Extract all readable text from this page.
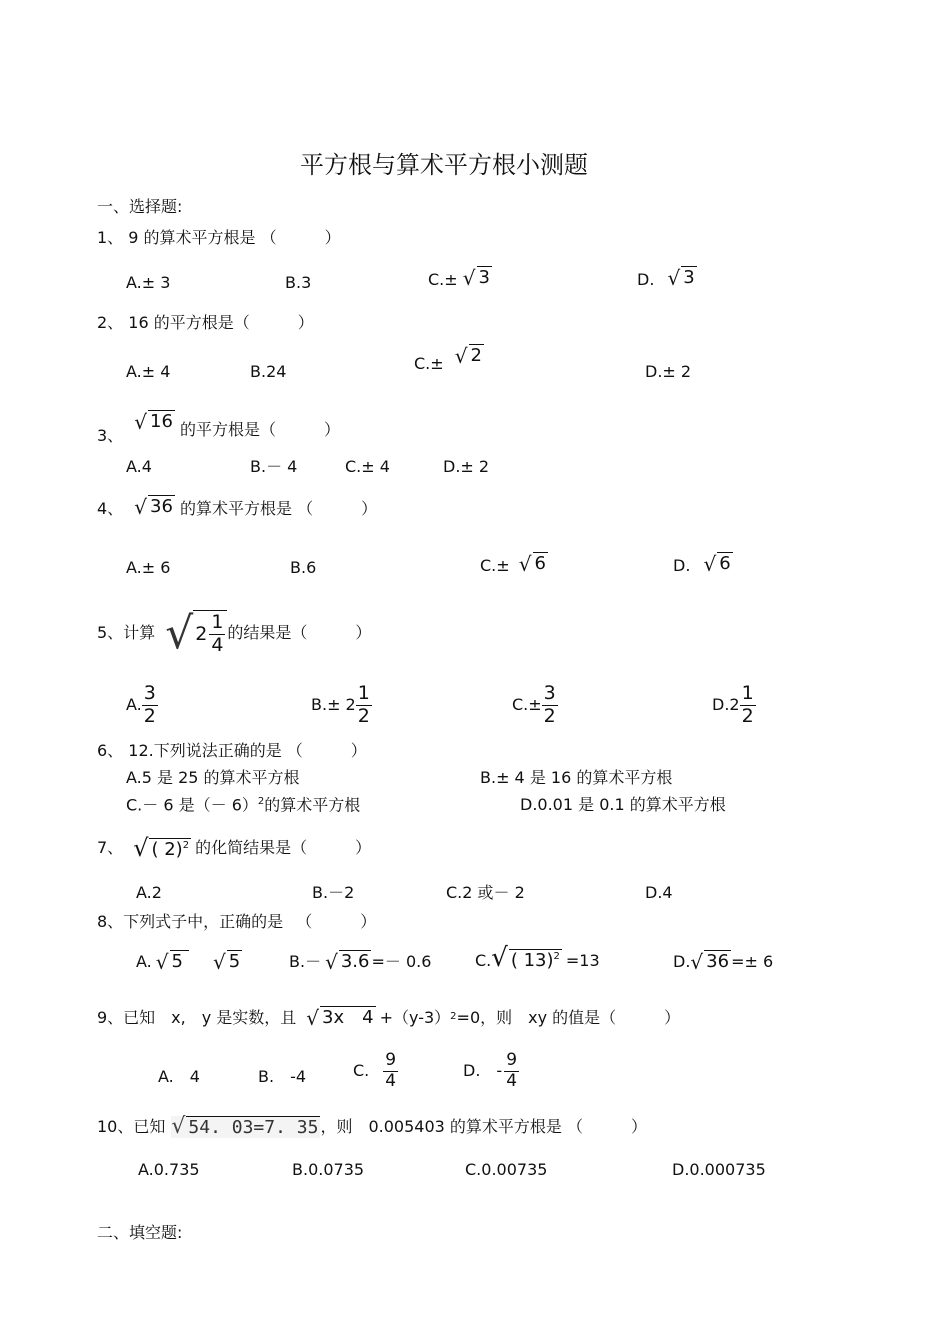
平方根与算术平方根小测题
一、选择题:
1、 9 的算术平方根是 （　　　）
A.± 3	B.3	C.± √ 3	D. √ 3
2、 16 的平方根是（　　　）
A.± 4	B.24	C.± √ 2
D.± 2
3、
√ 16 的平方根是（　　　）
A.4	B.－ 4	C.± 4	D.± 2
4、 √ 36 的算术平方根是 （　　　）
A.± 6	B.6	C.± √ 6	D. √ 6
5、计算 √ $2 \frac{1}{4}$ 的结果是（　　　）
A. $\frac{3}{2}$	$B.\pm 2 \frac{1}{2}$	$C.\pm \frac{3}{2}$	$D.2 \frac{1}{2}$
6、 12.下列说法正确的是 （　　　）
A.5 是 25 的算术平方根	B.± 4 是 16 的算术平方根
C.－ 6 是（－ 6）$^2$的算术平方根	D.0.01 是 0.1 的算术平方根
7、 √ ( 2)$^2$ 的化简结果是（　　　）
A.2	B.－2	C.2 或－ 2	D.4
8、下列式子中，正确的是 　（　　　）
A. √ 5	√ 5	B.－ √ 3.6 =－ 0.6	C. √ ( 13)$^2$ =13	D. √ 36 =± 6
9、已知　x,　y 是实数，且 √ 3x　4 +（y-3） 2 =0，则　xy 的值是（　　　）
A.　4	B.　-4	C. $\frac{9}{4}$	D.　- $\frac{9}{4}$
10、已知 √ 54. 03=7. 35 ，则　0.005403 的算术平方根是 （　　　）
A.0.735	B.0.0735	C.0.00735	D.0.000735
二、填空题:
